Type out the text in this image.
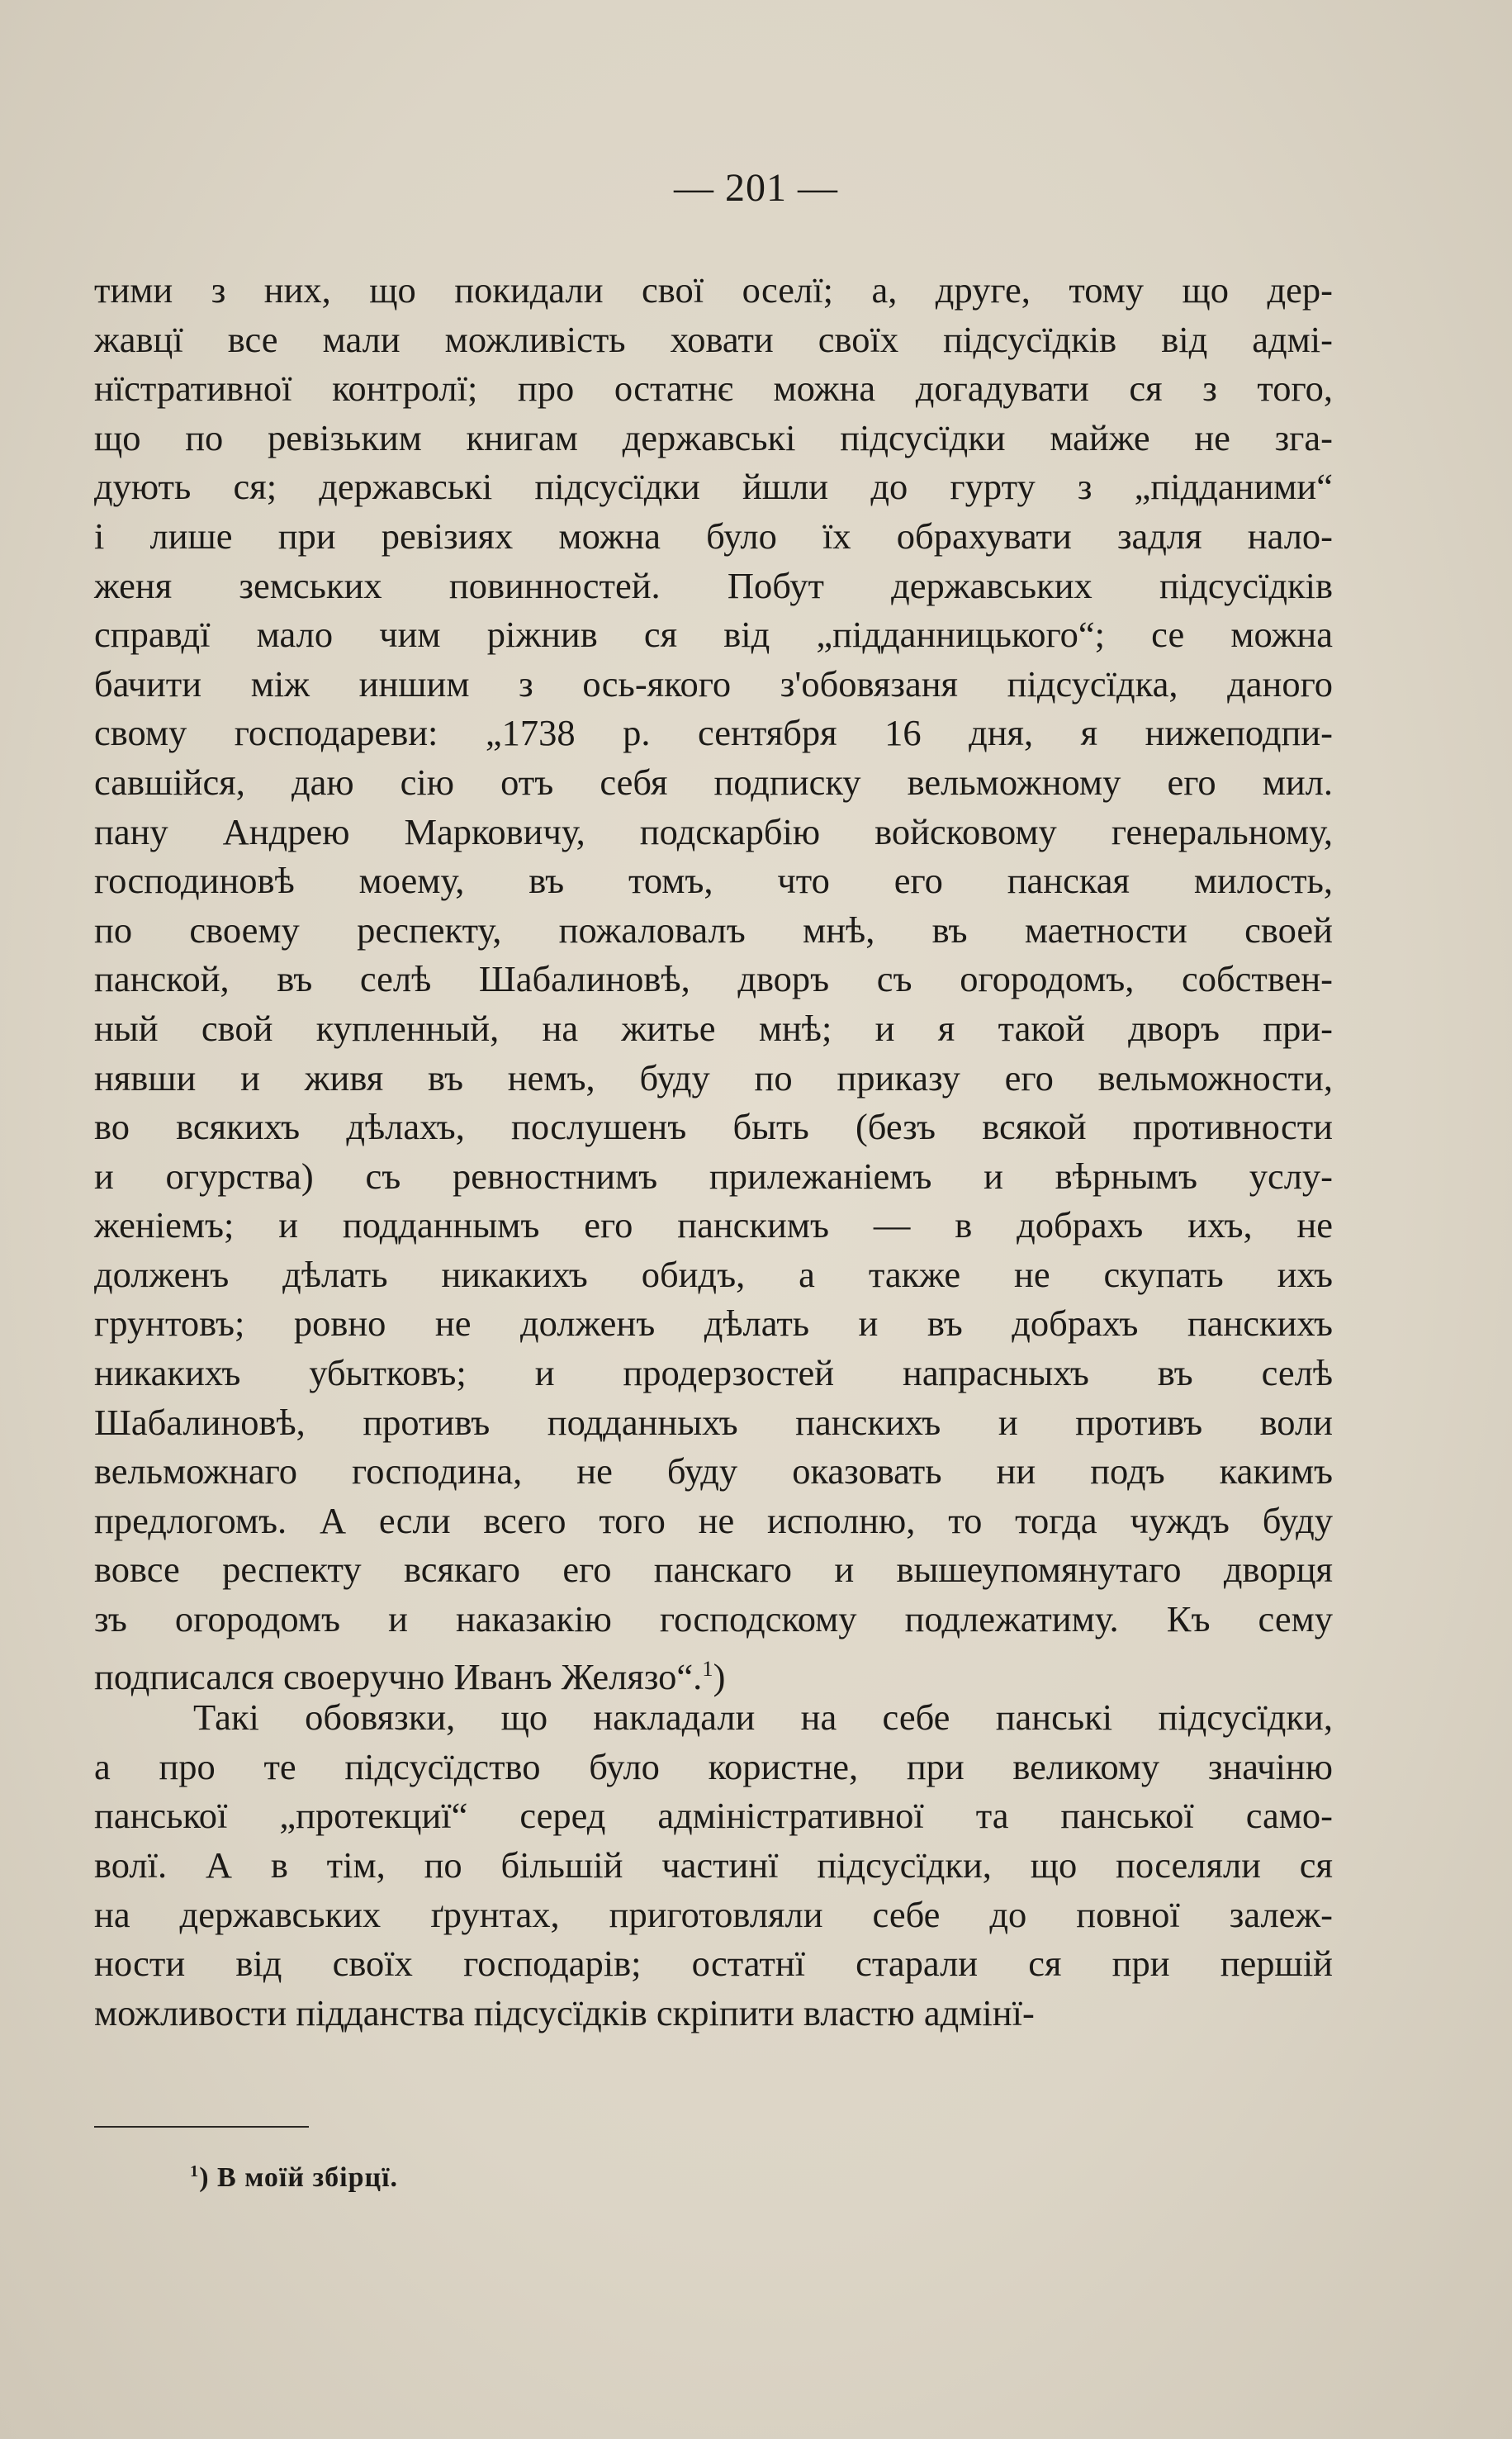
— 201 —
тими з них, що покидали свої оселї; а, друге, тому що дер-
жавцї все мали можливість ховати своїх підсусїдків від адмі-
нїстративної контролї; про остатнє можна догадувати ся з того,
що по ревізьким книгам державські підсусїдки майже не зга-
дують ся; державські підсусїдки йшли до гурту з „підданими“
і лише при ревізиях можна було їх обрахувати задля нало-
женя земських повинностей. Побут державських підсусїдків
справдї мало чим ріжнив ся від „підданницького“; се можна
бачити між иншим з ось-якого з'обовязаня підсусїдка, даного
свому господареви: „1738 р. сентября 16 дня, я нижеподпи-
савшійся, даю сію отъ себя подписку вельможному его мил.
пану Андрею Марковичу, подскарбію войсковому генеральному,
господиновѣ моему, въ томъ, что его панская милость,
по своему респекту, пожаловалъ мнѣ, въ маетности своей
панской, въ селѣ Шабалиновѣ, дворъ съ огородомъ, собствен-
ный свой купленный, на житье мнѣ; и я такой дворъ при-
нявши и живя въ немъ, буду по приказу его вельможности,
во всякихъ дѣлахъ, послушенъ быть (безъ всякой противности
и огурства) съ ревностнимъ прилежаніемъ и вѣрнымъ услу-
женіемъ; и подданнымъ его панскимъ — в добрахъ ихъ, не
долженъ дѣлать никакихъ обидъ, а также не скупать ихъ
грунтовъ; ровно не долженъ дѣлать и въ добрахъ панскихъ
никакихъ убытковъ; и продерзостей напрасныхъ въ селѣ
Шабалиновѣ, противъ подданныхъ панскихъ и противъ воли
вельможнаго господина, не буду оказовать ни подъ какимъ
предлогомъ. А если всего того не исполню, то тогда чуждъ буду
вовсе респекту всякаго его панскаго и вышеупомянутаго дворця
зъ огородомъ и наказакію господскому подлежатиму. Къ сему
подписался своеручно Иванъ Желязо“.$^1$)
Такі обовязки, що накладали на себе панські підсусїдки,
а про те підсусїдство було користне, при великому значіню
панської „протекциї“ серед адміністративної та панської само-
волї. А в тім, по більшій частинї підсусїдки, що поселяли ся
на державських ґрунтах, приготовляли себе до повної залеж-
ности від своїх господарів; остатнї старали ся при першій
можливости підданства підсусїдків скріпити властю адмінї-
$^1$) В моїй збірцї.
